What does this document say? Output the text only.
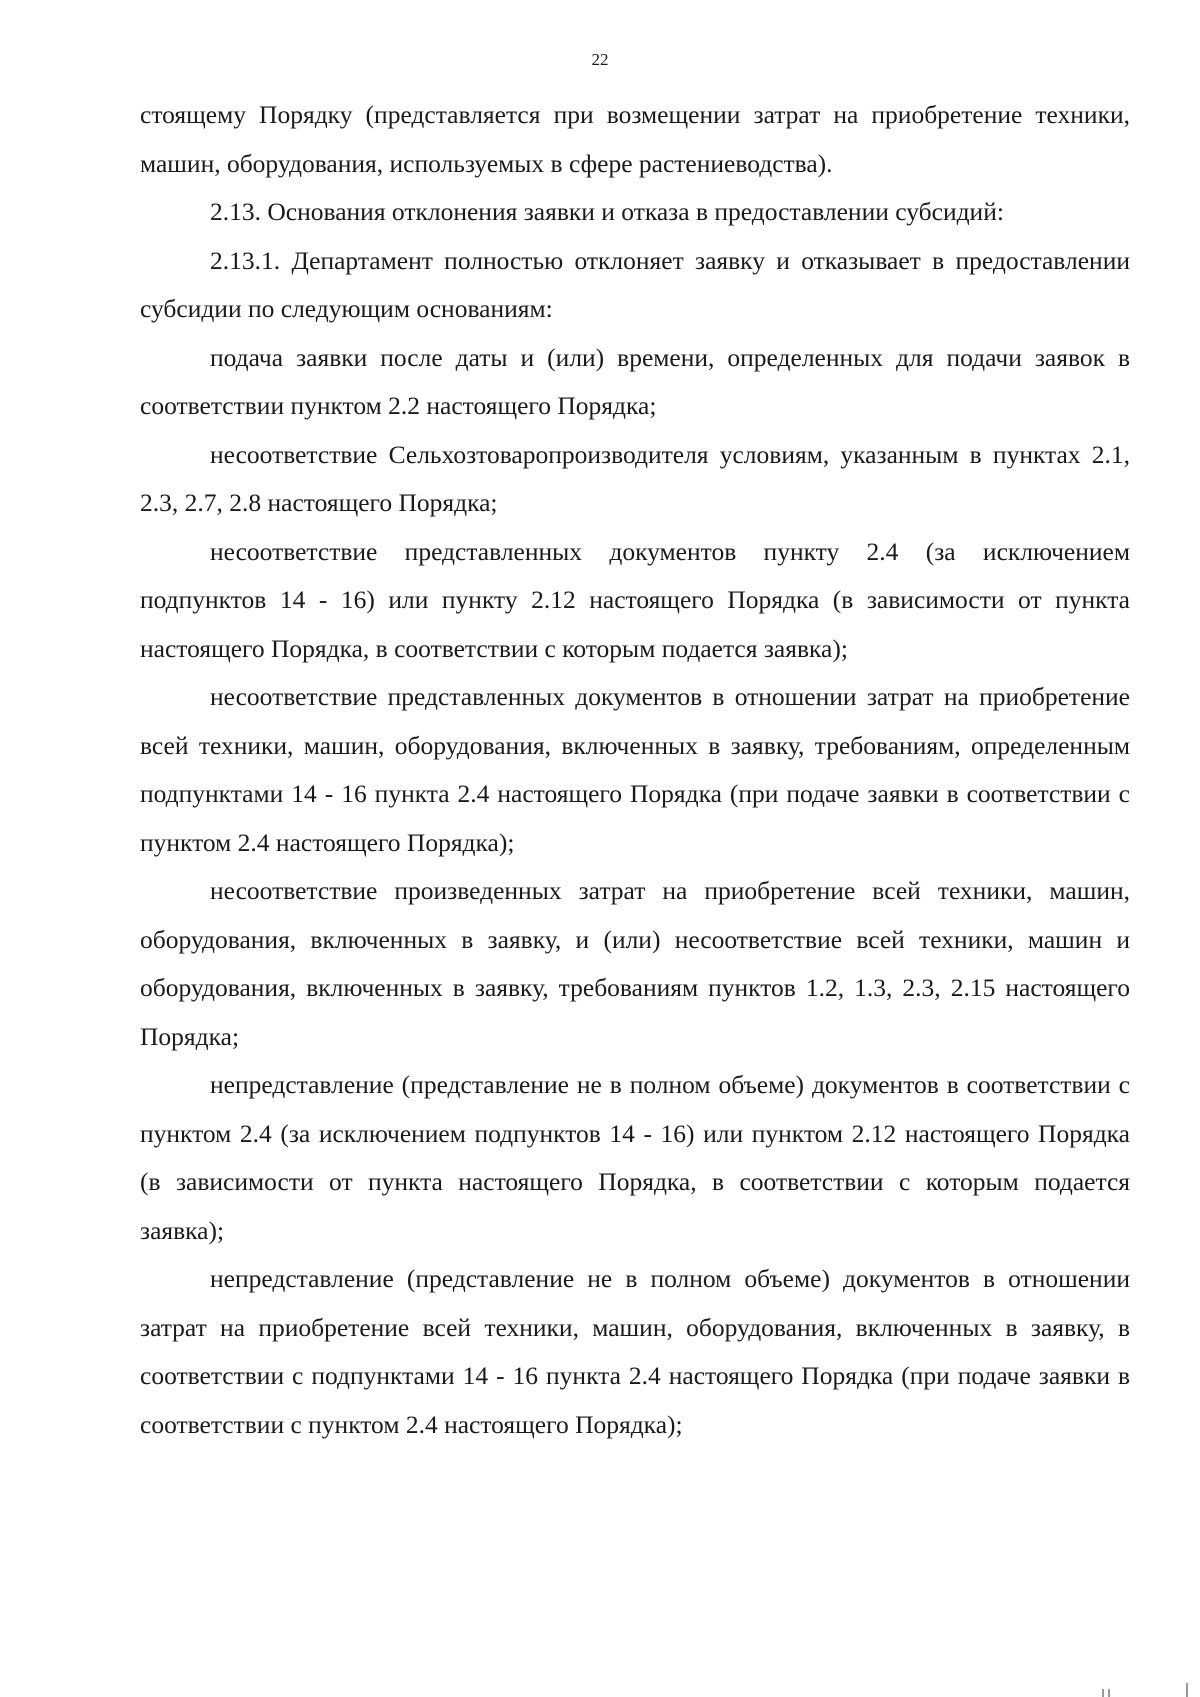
22

стоящему Порядку (представляется при возмещении затрат на приобретение техники, машин, оборудования, используемых в сфере растениеводства).

2.13. Основания отклонения заявки и отказа в предоставлении субсидий:

2.13.1. Департамент полностью отклоняет заявку и отказывает в предоставлении субсидии по следующим основаниям:

подача заявки после даты и (или) времени, определенных для подачи заявок в соответствии пунктом 2.2 настоящего Порядка;

несоответствие Сельхозтоваропроизводителя условиям, указанным в пунктах 2.1, 2.3, 2.7, 2.8 настоящего Порядка;

несоответствие представленных документов пункту 2.4 (за исключением подпунктов 14 - 16) или пункту 2.12 настоящего Порядка (в зависимости от пункта настоящего Порядка, в соответствии с которым подается заявка);

несоответствие представленных документов в отношении затрат на приобретение всей техники, машин, оборудования, включенных в заявку, требованиям, определенным подпунктами 14 - 16 пункта 2.4 настоящего Порядка (при подаче заявки в соответствии с пунктом 2.4 настоящего Порядка);

несоответствие произведенных затрат на приобретение всей техники, машин, оборудования, включенных в заявку, и (или) несоответствие всей техники, машин и оборудования, включенных в заявку, требованиям пунктов 1.2, 1.3, 2.3, 2.15 настоящего Порядка;

непредставление (представление не в полном объеме) документов в соответствии с пунктом 2.4 (за исключением подпунктов 14 - 16) или пунктом 2.12 настоящего Порядка (в зависимости от пункта настоящего Порядка, в соответствии с которым подается заявка);

непредставление (представление не в полном объеме) документов в отношении затрат на приобретение всей техники, машин, оборудования, включенных в заявку, в соответствии с подпунктами 14 - 16 пункта 2.4 настоящего Порядка (при подаче заявки в соответствии с пунктом 2.4 настоящего Порядка);
